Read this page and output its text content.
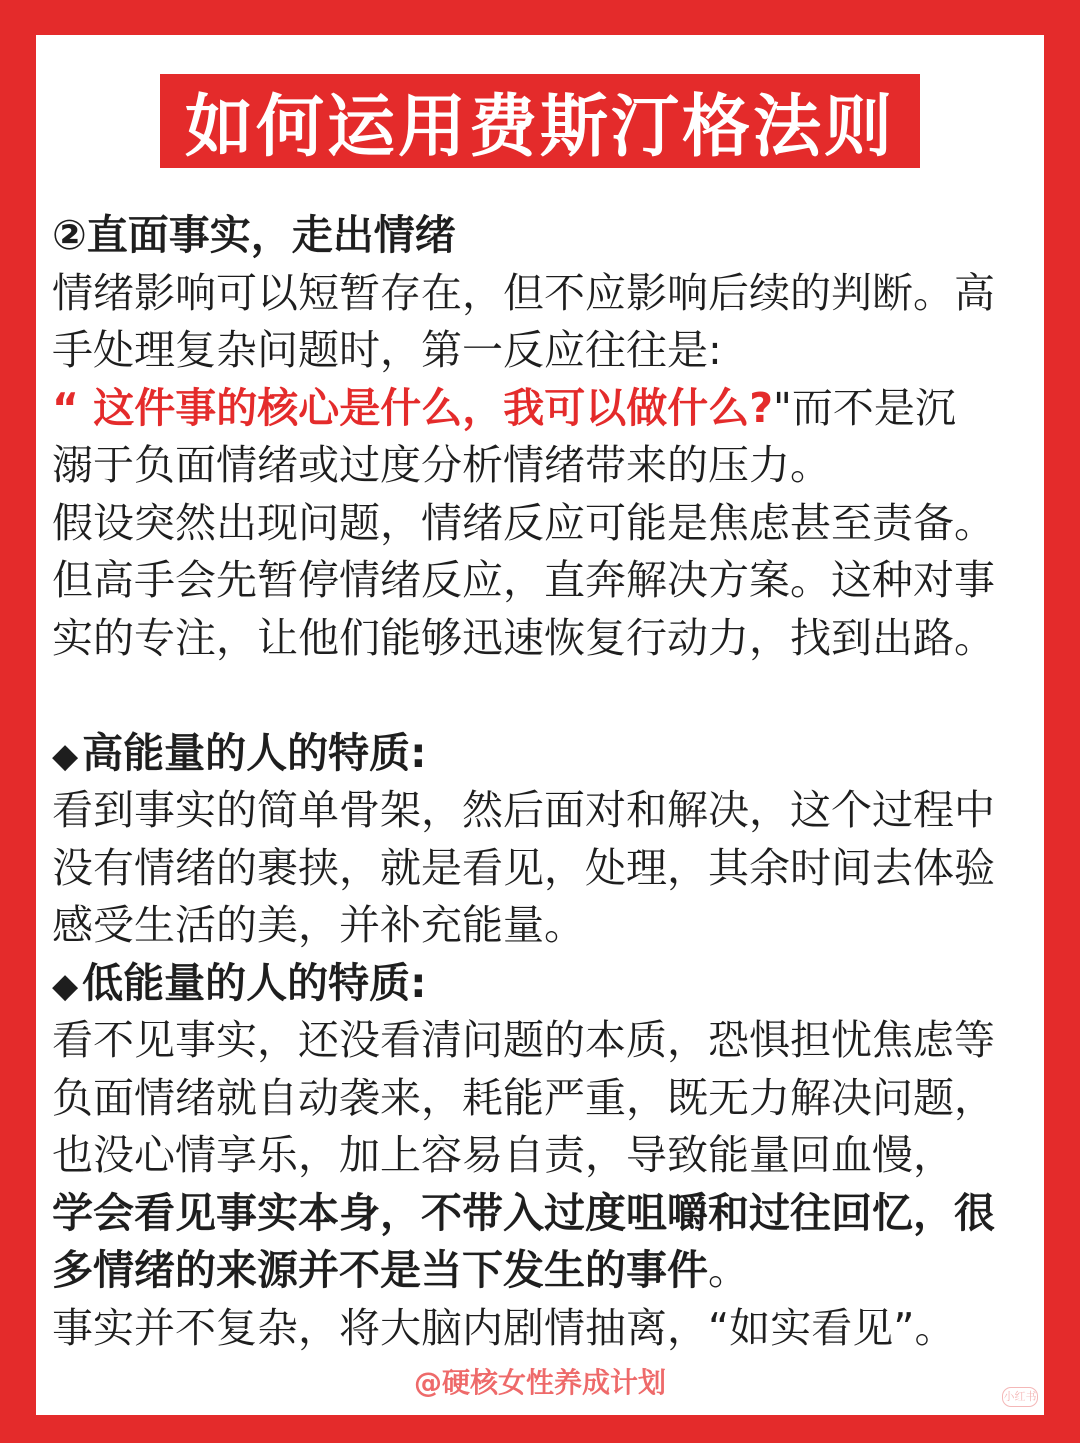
如何运用费斯汀格法则
②直面事实，走出情绪
情绪影响可以短暂存在，但不应影响后续的判断。高
手处理复杂问题时，第一反应往往是:
“ 这件事的核心是什么，我可以做什么?"而不是沉
溺于负面情绪或过度分析情绪带来的压力。
假设突然出现问题，情绪反应可能是焦虑甚至责备。
但高手会先暂停情绪反应，直奔解决方案。这种对事
实的专注，让他们能够迅速恢复行动力，找到出路。
◆高能量的人的特质:
看到事实的简单骨架，然后面对和解决，这个过程中
没有情绪的裹挟，就是看见，处理，其余时间去体验
感受生活的美，并补充能量。
◆低能量的人的特质:
看不见事实，还没看清问题的本质，恐惧担忧焦虑等
负面情绪就自动袭来，耗能严重，既无力解决问题，
也没心情享乐，加上容易自责，导致能量回血慢，
学会看见事实本身，不带入过度咀嚼和过往回忆，很
多情绪的来源并不是当下发生的事件。
事实并不复杂，将大脑内剧情抽离，“如实看见”。
@硬核女性养成计划	小红书
